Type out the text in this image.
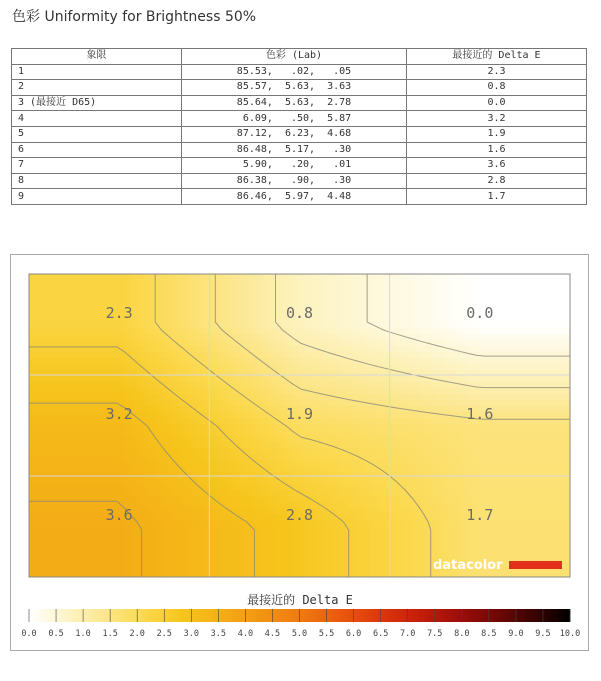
色彩 Uniformity for Brightness 50%
象限	色彩 (Lab)	最接近的 Delta E
1	85.53,   .02,   .05	2.3
2	85.57,  5.63,  3.63	0.8
3 (最接近 D65)	85.64,  5.63,  2.78	0.0
4	6.09,   .50,  5.87	3.2
5	87.12,  6.23,  4.68	1.9
6	86.48,  5.17,   .30	1.6
7	5.90,   .20,   .01	3.6
8	86.38,   .90,   .30	2.8
9	86.46,  5.97,  4.48	1.7
2.3	0.8	0.0
3.2	1.9	1.6
3.6	2.8	1.7
datacolor
最接近的 Delta E
0.0 0.5 1.0 1.5 2.0 2.5 3.0 3.5 4.0 4.5 5.0 5.5 6.0 6.5 7.0 7.5 8.0 8.5 9.0 9.5 10.0
